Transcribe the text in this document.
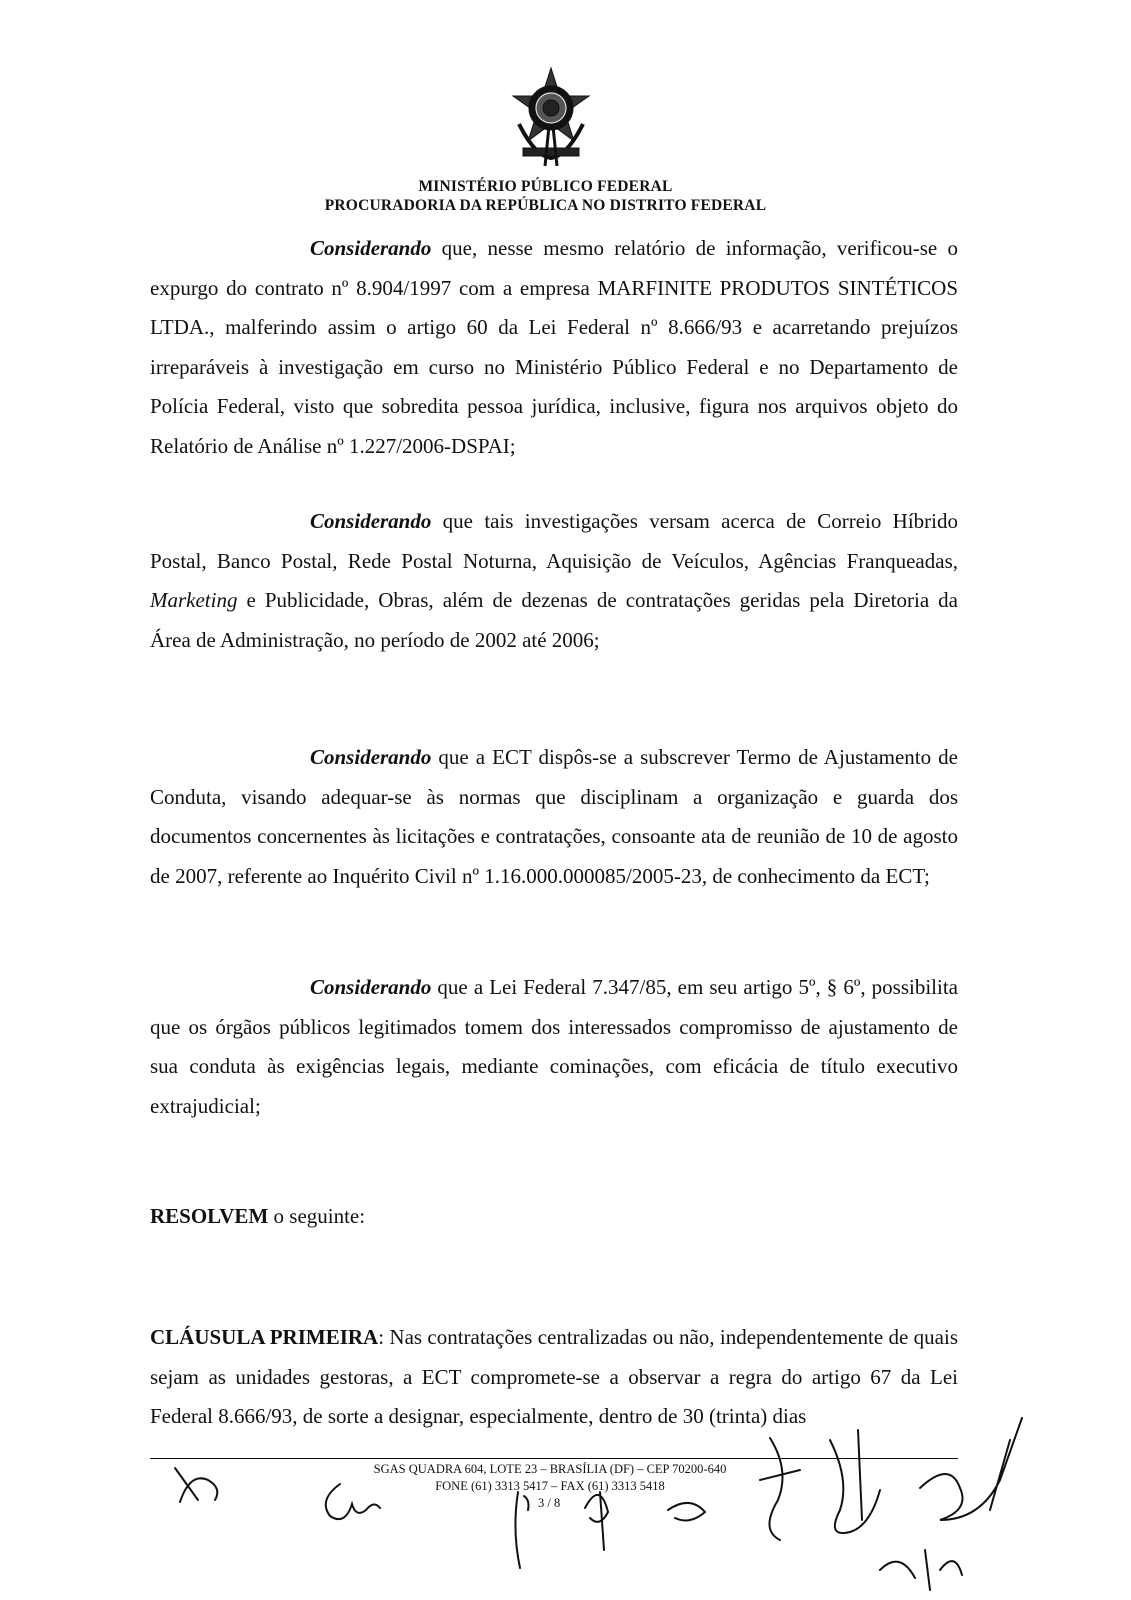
MINISTÉRIO PÚBLICO FEDERAL
PROCURADORIA DA REPÚBLICA NO DISTRITO FEDERAL

Considerando que, nesse mesmo relatório de informação, verificou-se o expurgo do contrato nº 8.904/1997 com a empresa MARFINITE PRODUTOS SINTÉTICOS LTDA., malferindo assim o artigo 60 da Lei Federal nº 8.666/93 e acarretando prejuízos irreparáveis à investigação em curso no Ministério Público Federal e no Departamento de Polícia Federal, visto que sobredita pessoa jurídica, inclusive, figura nos arquivos objeto do Relatório de Análise nº 1.227/2006-DSPAI;

Considerando que tais investigações versam acerca de Correio Híbrido Postal, Banco Postal, Rede Postal Noturna, Aquisição de Veículos, Agências Franqueadas, Marketing e Publicidade, Obras, além de dezenas de contratações geridas pela Diretoria da Área de Administração, no período de 2002 até 2006;

Considerando que a ECT dispôs-se a subscrever Termo de Ajustamento de Conduta, visando adequar-se às normas que disciplinam a organização e guarda dos documentos concernentes às licitações e contratações, consoante ata de reunião de 10 de agosto de 2007, referente ao Inquérito Civil nº 1.16.000.000085/2005-23, de conhecimento da ECT;

Considerando que a Lei Federal 7.347/85, em seu artigo 5º, § 6º, possibilita que os órgãos públicos legitimados tomem dos interessados compromisso de ajustamento de sua conduta às exigências legais, mediante cominações, com eficácia de título executivo extrajudicial;

RESOLVEM o seguinte:
CLÁUSULA PRIMEIRA: Nas contratações centralizadas ou não, independentemente de quais sejam as unidades gestoras, a ECT compromete-se a observar a regra do artigo 67 da Lei Federal 8.666/93, de sorte a designar, especialmente, dentro de 30 (trinta) dias
SGAS QUADRA 604, LOTE 23 – BRASÍLIA (DF) – CEP 70200-640
FONE (61) 3313 5417 – FAX (61) 3313 5418
3 / 8
